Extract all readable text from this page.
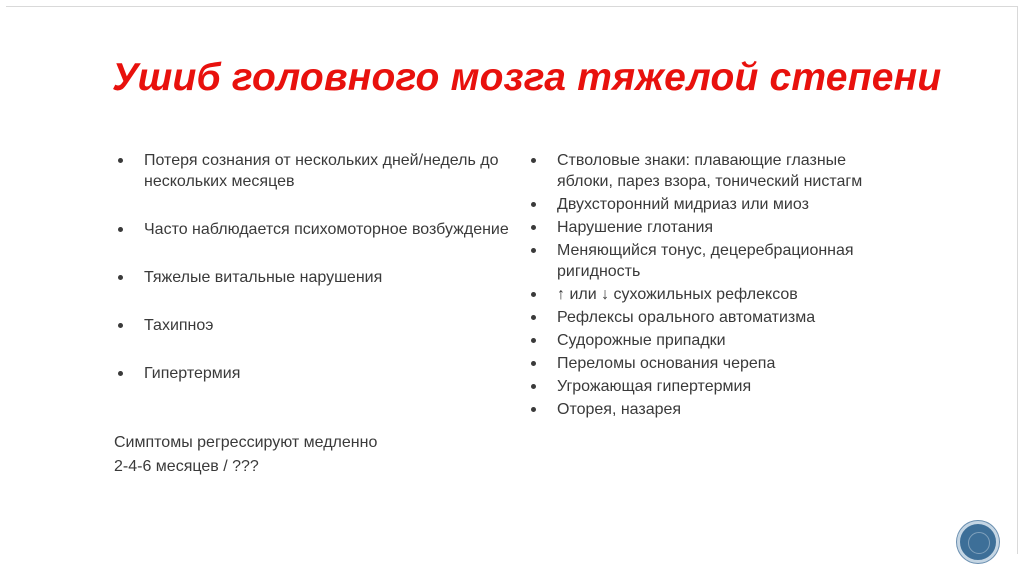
Ушиб головного мозга тяжелой степени
Потеря сознания от нескольких дней/недель до нескольких месяцев
Часто наблюдается психомоторное возбуждение
Тяжелые витальные нарушения
Тахипноэ
Гипертермия

Симптомы регрессируют медленно
2-4-6 месяцев / ???

Стволовые знаки: плавающие глазные яблоки, парез взора, тонический нистагм
Двухсторонний мидриаз или миоз
Нарушение глотания
Меняющийся тонус, децеребрационная ригидность
↑ или ↓ сухожильных рефлексов
Рефлексы орального автоматизма
Судорожные припадки
Переломы основания черепа
Угрожающая гипертермия
Оторея, назарея
